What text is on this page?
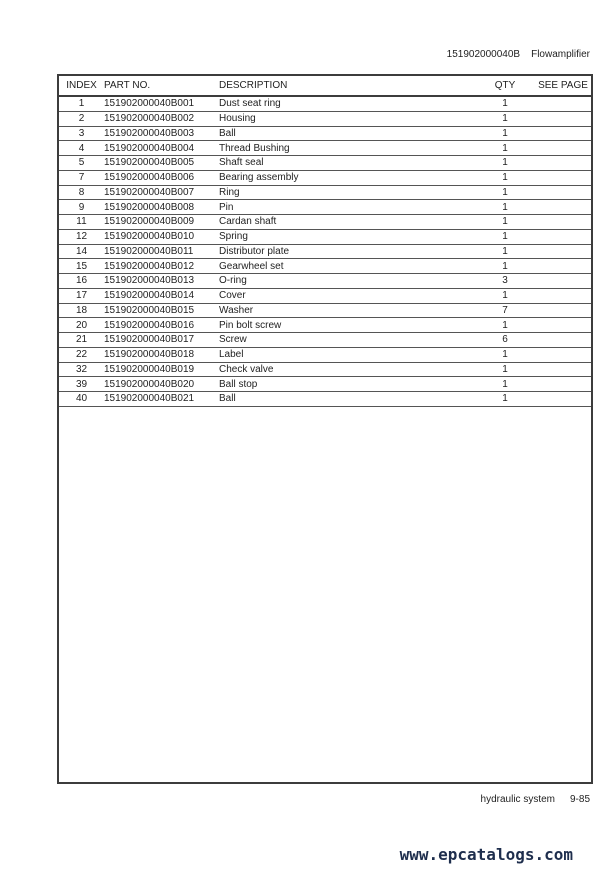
151902000040B Flowamplifier
INDEX PART NO.	DESCRIPTION	QTY	SEE PAGE
1	151902000040B001	Dust seat ring	1
2	151902000040B002	Housing	1
3	151902000040B003	Ball	1
4	151902000040B004	Thread Bushing	1
5	151902000040B005	Shaft seal	1
7	151902000040B006	Bearing assembly	1
8	151902000040B007	Ring	1
9	151902000040B008	Pin	1
11	151902000040B009	Cardan shaft	1
12	151902000040B010	Spring	1
14	151902000040B011	Distributor plate	1
15	151902000040B012	Gearwheel set	1
16	151902000040B013	O-ring	3
17	151902000040B014	Cover	1
18	151902000040B015	Washer	7
20	151902000040B016	Pin bolt screw	1
21	151902000040B017	Screw	6
22	151902000040B018	Label	1
32	151902000040B019	Check valve	1
39	151902000040B020	Ball stop	1
40	151902000040B021	Ball	1
hydraulic system 9-85
www.epcatalogs.com
